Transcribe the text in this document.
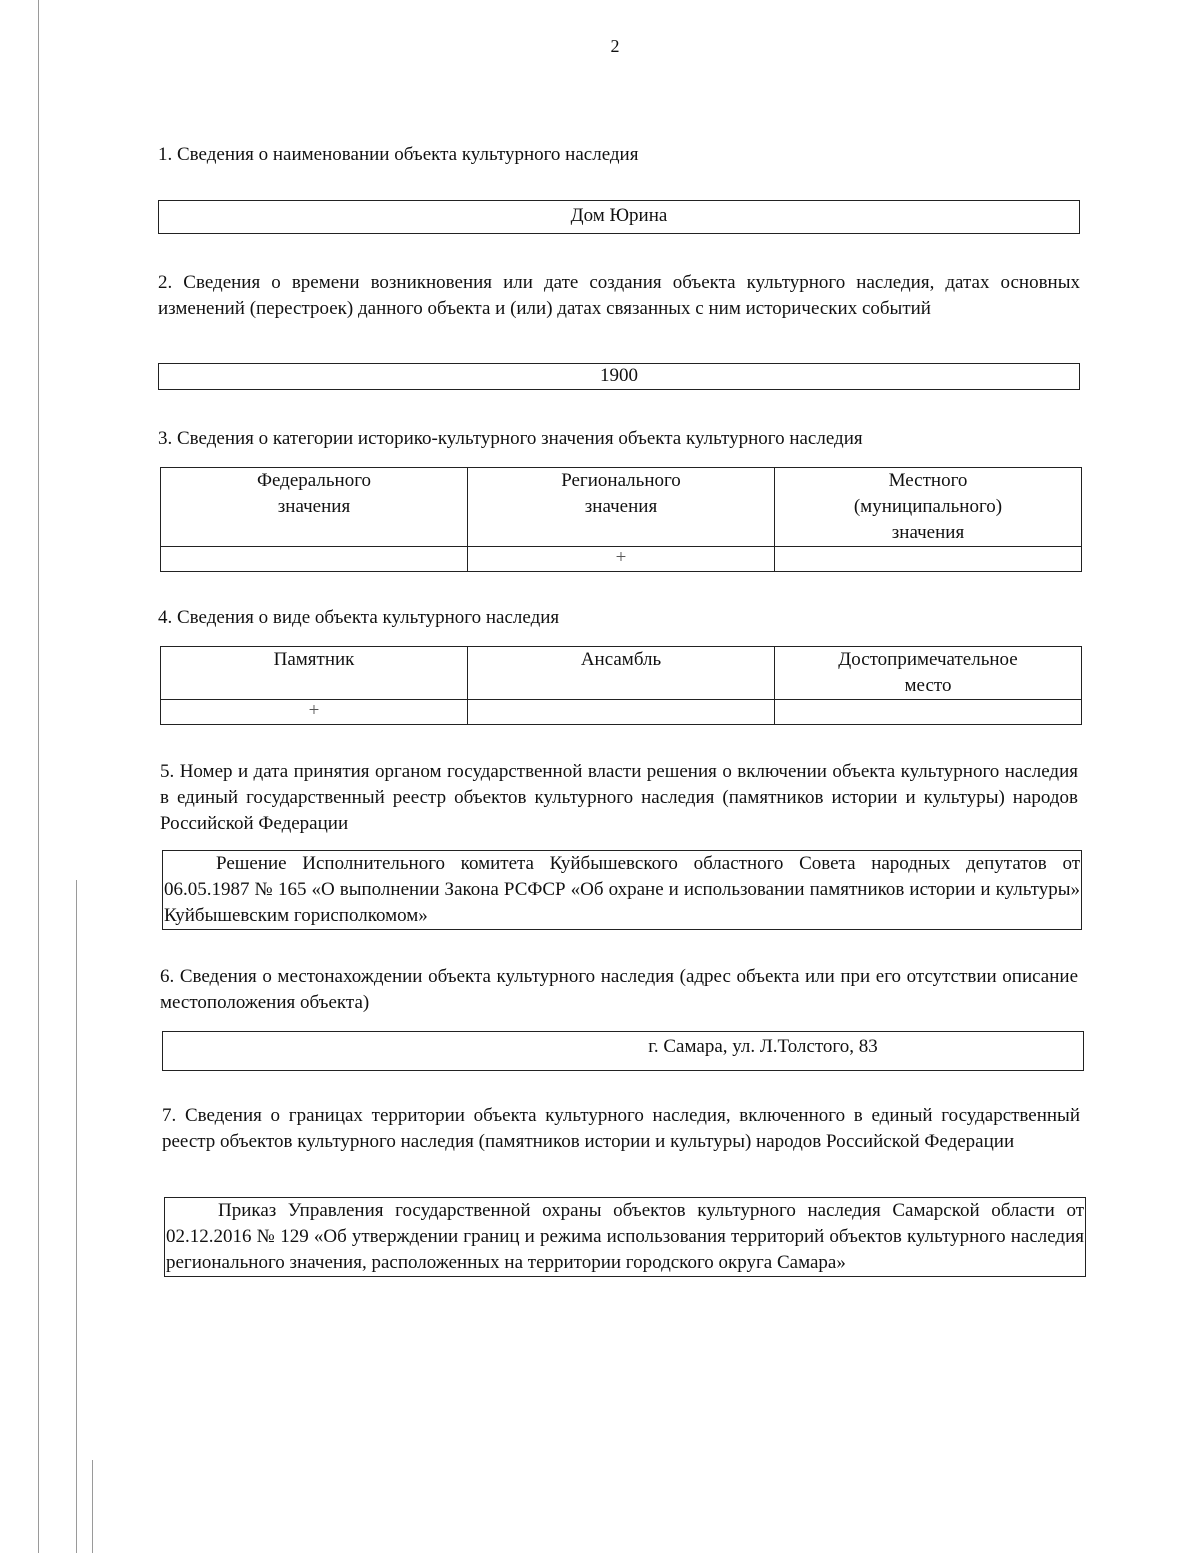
2
1. Сведения о наименовании объекта культурного наследия
Дом Юрина
2. Сведения о времени возникновения или дате создания объекта культурного наследия, датах основных изменений (перестроек) данного объекта и (или) датах связанных с ним исторических событий
1900
3. Сведения о категории историко-культурного значения объекта культурного наследия
Федерального значения	Регионального значения	Местного (муниципального) значения
	+	
4. Сведения о виде объекта культурного наследия
Памятник	Ансамбль	Достопримечательное место
+		
5. Номер и дата принятия органом государственной власти решения о включении объекта культурного наследия в единый государственный реестр объектов культурного наследия (памятников истории и культуры) народов Российской Федерации
Решение Исполнительного комитета Куйбышевского областного Совета народных депутатов от 06.05.1987 № 165 «О выполнении Закона РСФСР «Об охране и использовании памятников истории и культуры» Куйбышевским горисполкомом»
6. Сведения о местонахождении объекта культурного наследия (адрес объекта или при его отсутствии описание местоположения объекта)
г. Самара, ул. Л.Толстого, 83
7. Сведения о границах территории объекта культурного наследия, включенного в единый государственный реестр объектов культурного наследия (памятников истории и культуры) народов Российской Федерации
Приказ Управления государственной охраны объектов культурного наследия Самарской области от 02.12.2016 № 129 «Об утверждении границ и режима использования территорий объектов культурного наследия регионального значения, расположенных на территории городского округа Самара»
